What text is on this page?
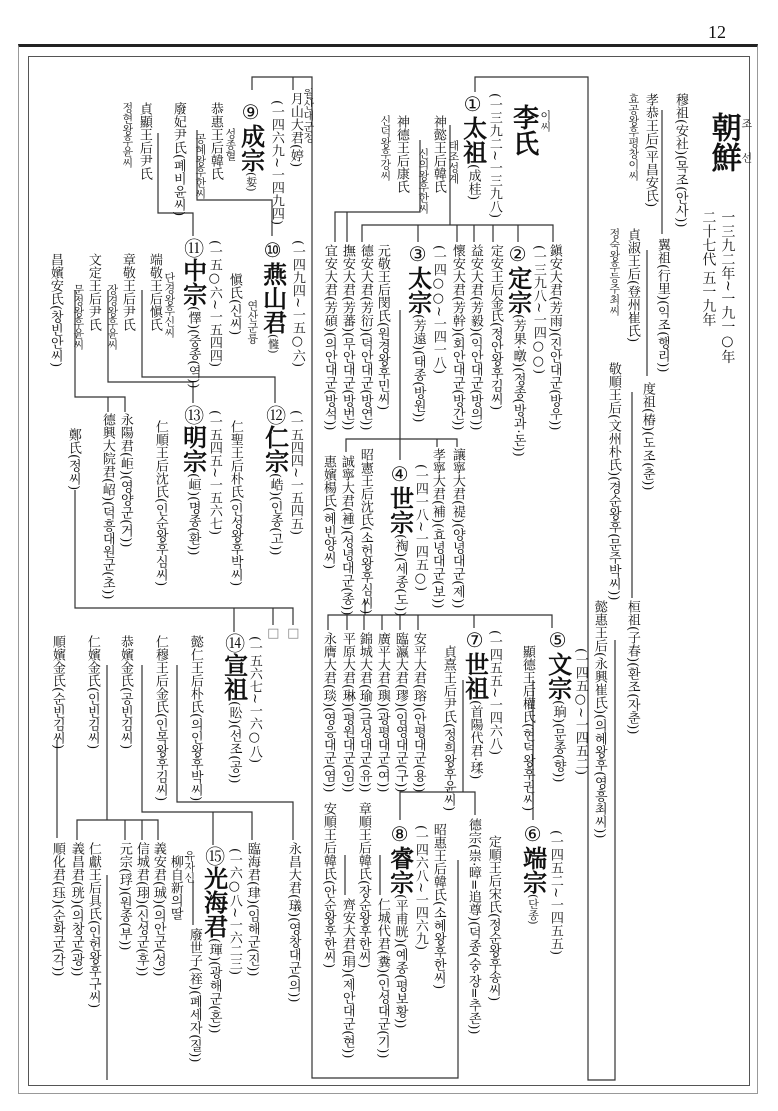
12
朝鮮 조
선
一三九二年~一九一○年
二十七代 五一九年
穆祖(安社)(목조(안사))
孝恭王后(平昌安氏)
효공왕후평창이씨
翼祖(行里)(익조(행리))
貞淑王后(登州崔氏)
정숙왕후등주최씨
度祖(椿)(도조(춘))
敬順王后(文州朴氏)(경순왕후(문주박씨))
桓祖(子春)(환조(자춘))
懿惠王后(永興崔氏)(의혜왕후(영흥최씨))
李氏 이씨
①太祖(成桂) (一三九二~一三九八)
태조성계
②定宗(芳果·暾)(정종(방과·돈))
(一三九八~一四○○)
③太宗(芳遠)(태종(방원)) (一四○○~一四一八)
④世宗(祹)(세종(도)) (一四一八~一四五○)
⑤文宗(珦)(문종(향)) (一四五○~一四五二)
⑥端宗(단종) (一四五二~一四五五)
⑦世祖(首陽代君·瑈) (一四五五~一四六八)
⑧睿宗(平甫晄)(예종(평보황))
(一四六八~一四六九)
⑨成宗(娎) (一四六九~一四九四)
성종혈
⑩燕山君(㦕) (一四九四~一五○六)
연산군륭
⑪中宗(懌)(중종(역)) (一五○六~一五四四)
⑫仁宗(峼)(인종(고)) (一五四四~一五四五)
⑬明宗(峘)(명종(환)) (一五四五~一五六七)
⑭宣祖(昖)(선조(공)) (一五六七~一六○八)
⑮光海君(琿)(광해군(혼))
(一六○八~一六二三)
神懿王后韓氏
신의왕후한씨
神德王后康氏
신덕왕후강씨
鎭安大君(芳雨)(진안대군(방우))
定安王后金氏(정안왕후김씨)
益安大君(芳毅)(익안대군(방의))
懷安大君(芳幹)(회안대군(방간))
元敬王后閔氏(원경왕후민씨)
德安大君(芳衍)(덕안대군(방연))
撫安大君(芳蕃)(무안대군(방번))
宜安大君(芳碩)(의안대군(방석))
讓寧大君(禔)(양녕대군(제))
孝寧大君(補)(효녕대군(보))
昭憲王后沈氏(소헌왕후심씨)
誠寧大君(褈)(성녕대군(종))
惠嬪楊氏(혜빈양씨)
顯德王后權氏(현덕왕후권씨)
貞熹王后尹氏(정희왕후윤씨)
安平大君(瑢)(안평대군(용))
臨瀛大君(璆)(임영대군(구))
廣平大君(璵)(광평대군(여))
錦城大君(瑜)(금성대군(유))
平原大君(琳)(평원대군(임))
永膺大君(琰)(영응대군(염))
定順王后宋氏(정순왕후송씨)
德宗(崇·暲=追尊)(덕종(숭·장=추존))
昭惠王后韓氏(소혜왕후한씨)
章順王后韓氏(장순왕후한씨)
仁城代君(糞)(인성대군(기))
安順王后韓氏(안순왕후한씨)
齊安大君(琄)(제안대군(현))
月山大君(婷)
월산대군정
恭惠王后韓氏
공혜왕후한씨
廢妃尹氏(폐비윤씨)
貞顯王后尹氏
정현왕후윤씨
愼氏(신씨)
端敬王后愼氏 단경왕후신씨
章敬王后尹氏
장경왕후윤씨
文定王后尹氏
문정왕후윤씨
昌嬪安氏(창빈안씨)
仁聖王后朴氏(인성왕후박씨)
仁順王后沈氏(인순왕후심씨)
永陽君(岠)(영양군(거))
德興大院君(岹)(덕흥대원군(초))
鄭氏(정씨)
□ □
懿仁王后朴氏(의인왕후박씨)
仁穆王后金氏(인목왕후김씨)
恭嬪金氏(공빈김씨)
仁嬪金氏(인빈김씨)
順嬪金氏(순빈김씨)
永昌大君(㼁)(영창대군(의))
臨海君(珒)(임해군(진))
柳自新의딸 유자신
廢世子(祬)(폐세자(질))
義安君(珹)(의안군(성))
信城君(珝)(신성군(후))
元宗(琈)(원종(부))
仁獻王后具氏(인헌왕후구씨)
義昌君(珖)(의창군(광))
順化君(珏)(순화군(각))
